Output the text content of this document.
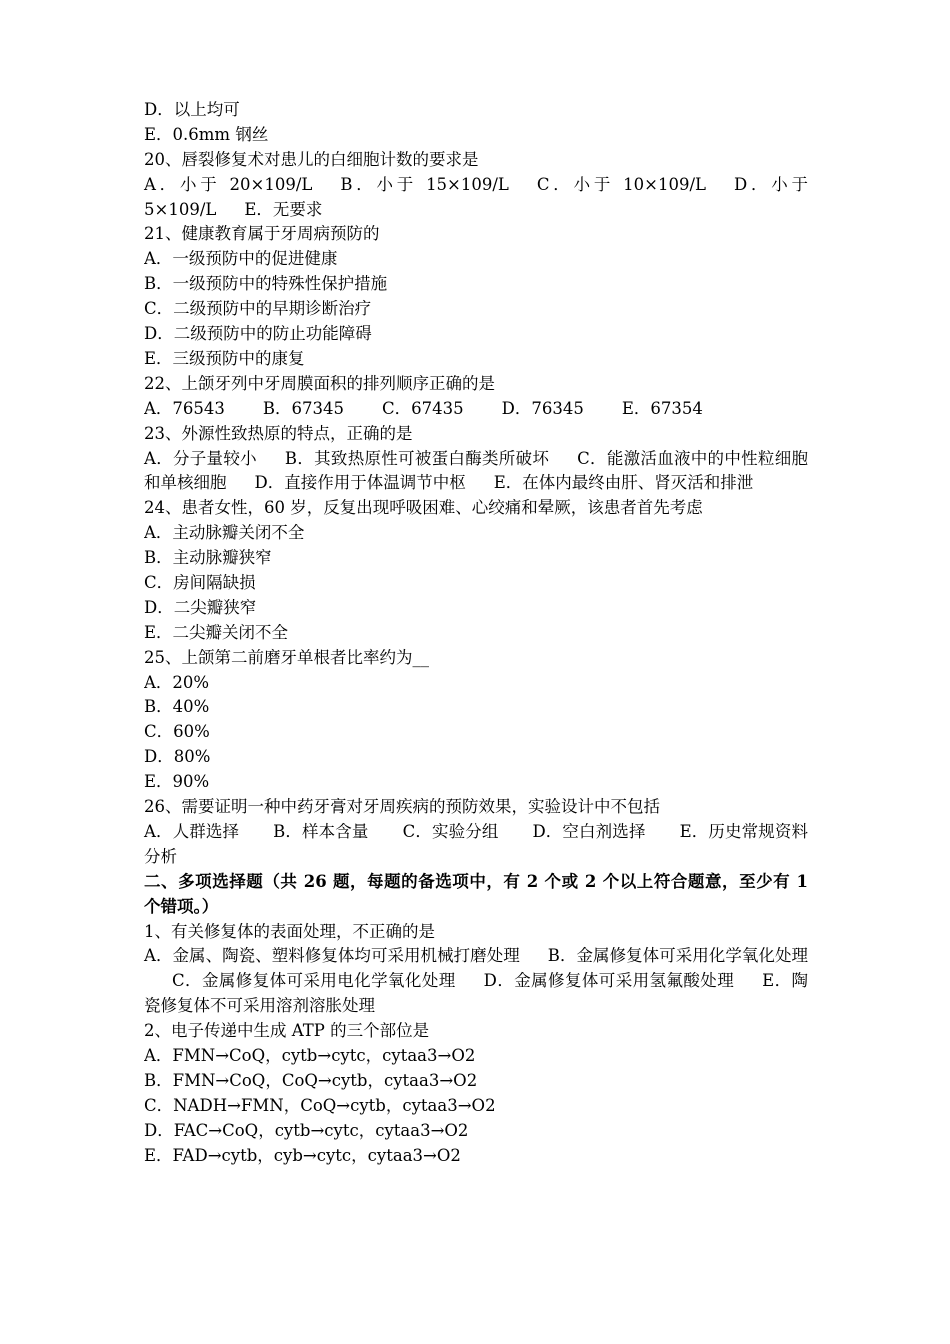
D．以上均可
E．0.6mm 钢丝
20、唇裂修复术对患儿的白细胞计数的要求是
A．小于 20×109/L B．小于 15×109/L C．小于 10×109/L D．小于 5×109/L E．无要求
21、健康教育属于牙周病预防的
A．一级预防中的促进健康
B．一级预防中的特殊性保护措施
C．二级预防中的早期诊断治疗
D．二级预防中的防止功能障碍
E．三级预防中的康复
22、上颌牙列中牙周膜面积的排列顺序正确的是
A．76543 B．67345 C．67435 D．76345 E．67354
23、外源性致热原的特点，正确的是
A．分子量较小 B．其致热原性可被蛋白酶类所破坏 C．能激活血液中的中性粒细胞和单核细胞 D．直接作用于体温调节中枢 E．在体内最终由肝、肾灭活和排泄
24、患者女性，60 岁，反复出现呼吸困难、心绞痛和晕厥，该患者首先考虑
A．主动脉瓣关闭不全
B．主动脉瓣狭窄
C．房间隔缺损
D．二尖瓣狭窄
E．二尖瓣关闭不全
25、上颌第二前磨牙单根者比率约为__
A．20%
B．40%
C．60%
D．80%
E．90%
26、需要证明一种中药牙膏对牙周疾病的预防效果，实验设计中不包括
A．人群选择 B．样本含量 C．实验分组 D．空白剂选择 E．历史常规资料分析
二、多项选择题（共 26 题，每题的备选项中，有 2 个或 2 个以上符合题意，至少有 1 个错项。）
1、有关修复体的表面处理，不正确的是
A．金属、陶瓷、塑料修复体均可采用机械打磨处理 B．金属修复体可采用化学氧化处理C．金属修复体可采用电化学氧化处理 D．金属修复体可采用氢氟酸处理 E．陶瓷修复体不可采用溶剂溶胀处理
2、电子传递中生成 ATP 的三个部位是
A．FMN→CoQ，cytb→cytc，cytaa3→O2
B．FMN→CoQ，CoQ→cytb，cytaa3→O2
C．NADH→FMN，CoQ→cytb，cytaa3→O2
D．FAC→CoQ，cytb→cytc，cytaa3→O2
E．FAD→cytb，cyb→cytc，cytaa3→O2
